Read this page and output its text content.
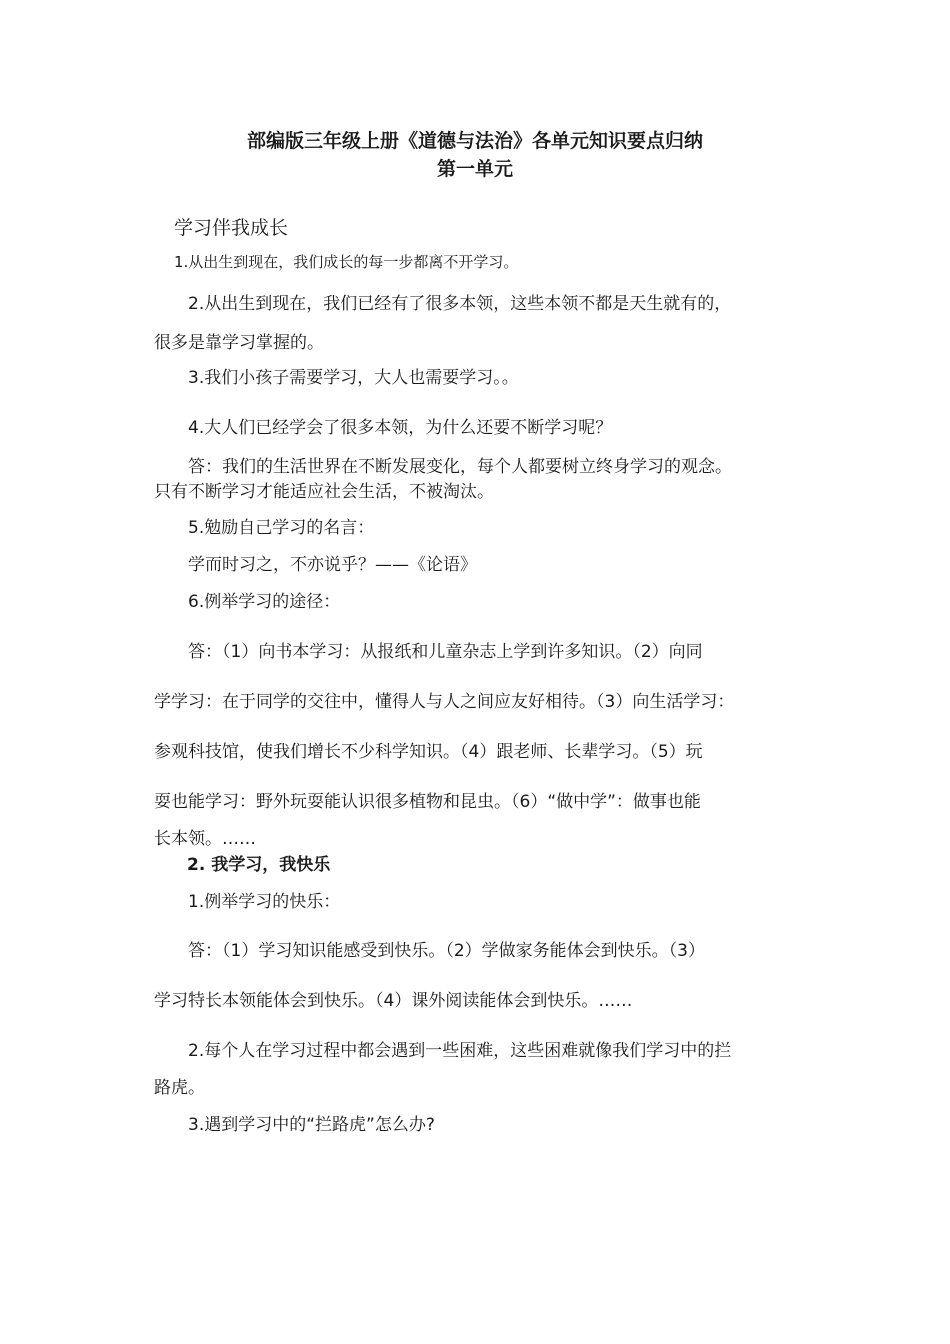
部编版三年级上册《道德与法治》各单元知识要点归纳
第一单元
学习伴我成长
1.从出生到现在，我们成长的每一步都离不开学习。
2.从出生到现在，我们已经有了很多本领，这些本领不都是天生就有的，
很多是靠学习掌握的。
3.我们小孩子需要学习，大人也需要学习。。
4.大人们已经学会了很多本领，为什么还要不断学习呢？
答：我们的生活世界在不断发展变化，每个人都要树立终身学习的观念。
只有不断学习才能适应社会生活，不被淘汰。
5.勉励自己学习的名言：
学而时习之，不亦说乎？——《论语》
6.例举学习的途径：
答：（1）向书本学习：从报纸和儿童杂志上学到许多知识。（2）向同
学学习：在于同学的交往中，懂得人与人之间应友好相待。（3）向生活学习：
参观科技馆，使我们增长不少科学知识。（4）跟老师、长辈学习。（5）玩
耍也能学习：野外玩耍能认识很多植物和昆虫。（6）“做中学”：做事也能
长本领。……
2. 我学习，我快乐
1.例举学习的快乐：
答：（1）学习知识能感受到快乐。（2）学做家务能体会到快乐。（3）
学习特长本领能体会到快乐。（4）课外阅读能体会到快乐。……
2.每个人在学习过程中都会遇到一些困难，这些困难就像我们学习中的拦
路虎。
3.遇到学习中的“拦路虎”怎么办?
